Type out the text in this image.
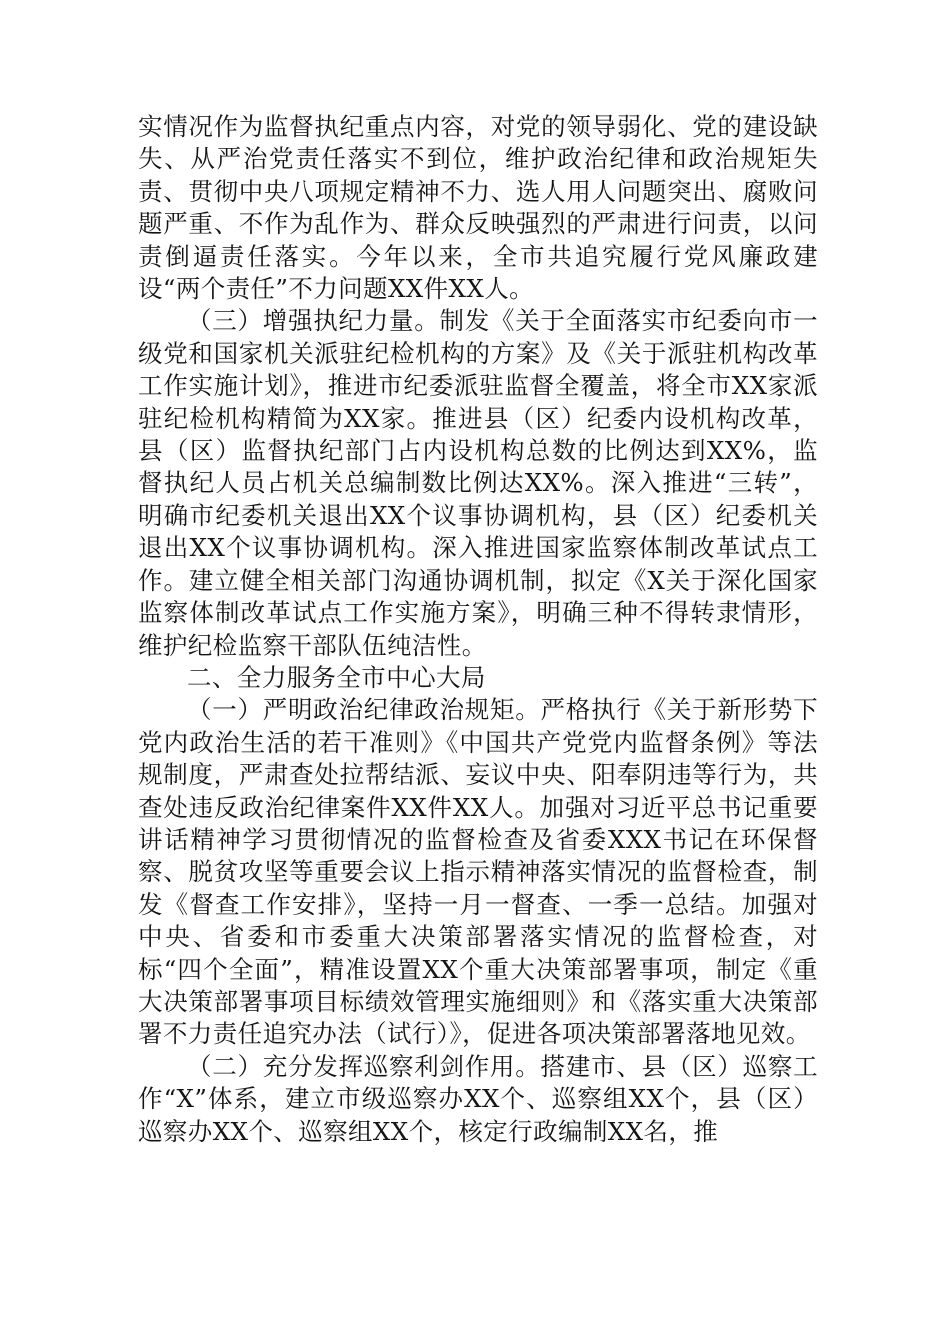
实情况作为监督执纪重点内容，对党的领导弱化、党的建设缺失、从严治党责任落实不到位，维护政治纪律和政治规矩失责、贯彻中央八项规定精神不力、选人用人问题突出、腐败问题严重、不作为乱作为、群众反映强烈的严肃进行问责，以问责倒逼责任落实。今年以来，全市共追究履行党风廉政建设“两个责任”不力问题XX件XX人。

（三）增强执纪力量。制发《关于全面落实市纪委向市一级党和国家机关派驻纪检机构的方案》及《关于派驻机构改革工作实施计划》，推进市纪委派驻监督全覆盖，将全市XX家派驻纪检机构精简为XX家。推进县（区）纪委内设机构改革，县（区）监督执纪部门占内设机构总数的比例达到XX%，监督执纪人员占机关总编制数比例达XX%。深入推进“三转”，明确市纪委机关退出XX个议事协调机构，县（区）纪委机关退出XX个议事协调机构。深入推进国家监察体制改革试点工作。建立健全相关部门沟通协调机制，拟定《X关于深化国家监察体制改革试点工作实施方案》，明确三种不得转隶情形，维护纪检监察干部队伍纯洁性。

二、全力服务全市中心大局

（一）严明政治纪律政治规矩。严格执行《关于新形势下党内政治生活的若干准则》《中国共产党党内监督条例》等法规制度，严肃查处拉帮结派、妄议中央、阳奉阴违等行为，共查处违反政治纪律案件XX件XX人。加强对习近平总书记重要讲话精神学习贯彻情况的监督检查及省委XXX书记在环保督察、脱贫攻坚等重要会议上指示精神落实情况的监督检查，制发《督查工作安排》，坚持一月一督查、一季一总结。加强对中央、省委和市委重大决策部署落实情况的监督检查，对标“四个全面”，精准设置XX个重大决策部署事项，制定《重大决策部署事项目标绩效管理实施细则》和《落实重大决策部署不力责任追究办法（试行）》，促进各项决策部署落地见效。

（二）充分发挥巡察利剑作用。搭建市、县（区）巡察工作“X”体系，建立市级巡察办XX个、巡察组XX个，县（区）巡察办XX个、巡察组XX个，核定行政编制XX名，推
